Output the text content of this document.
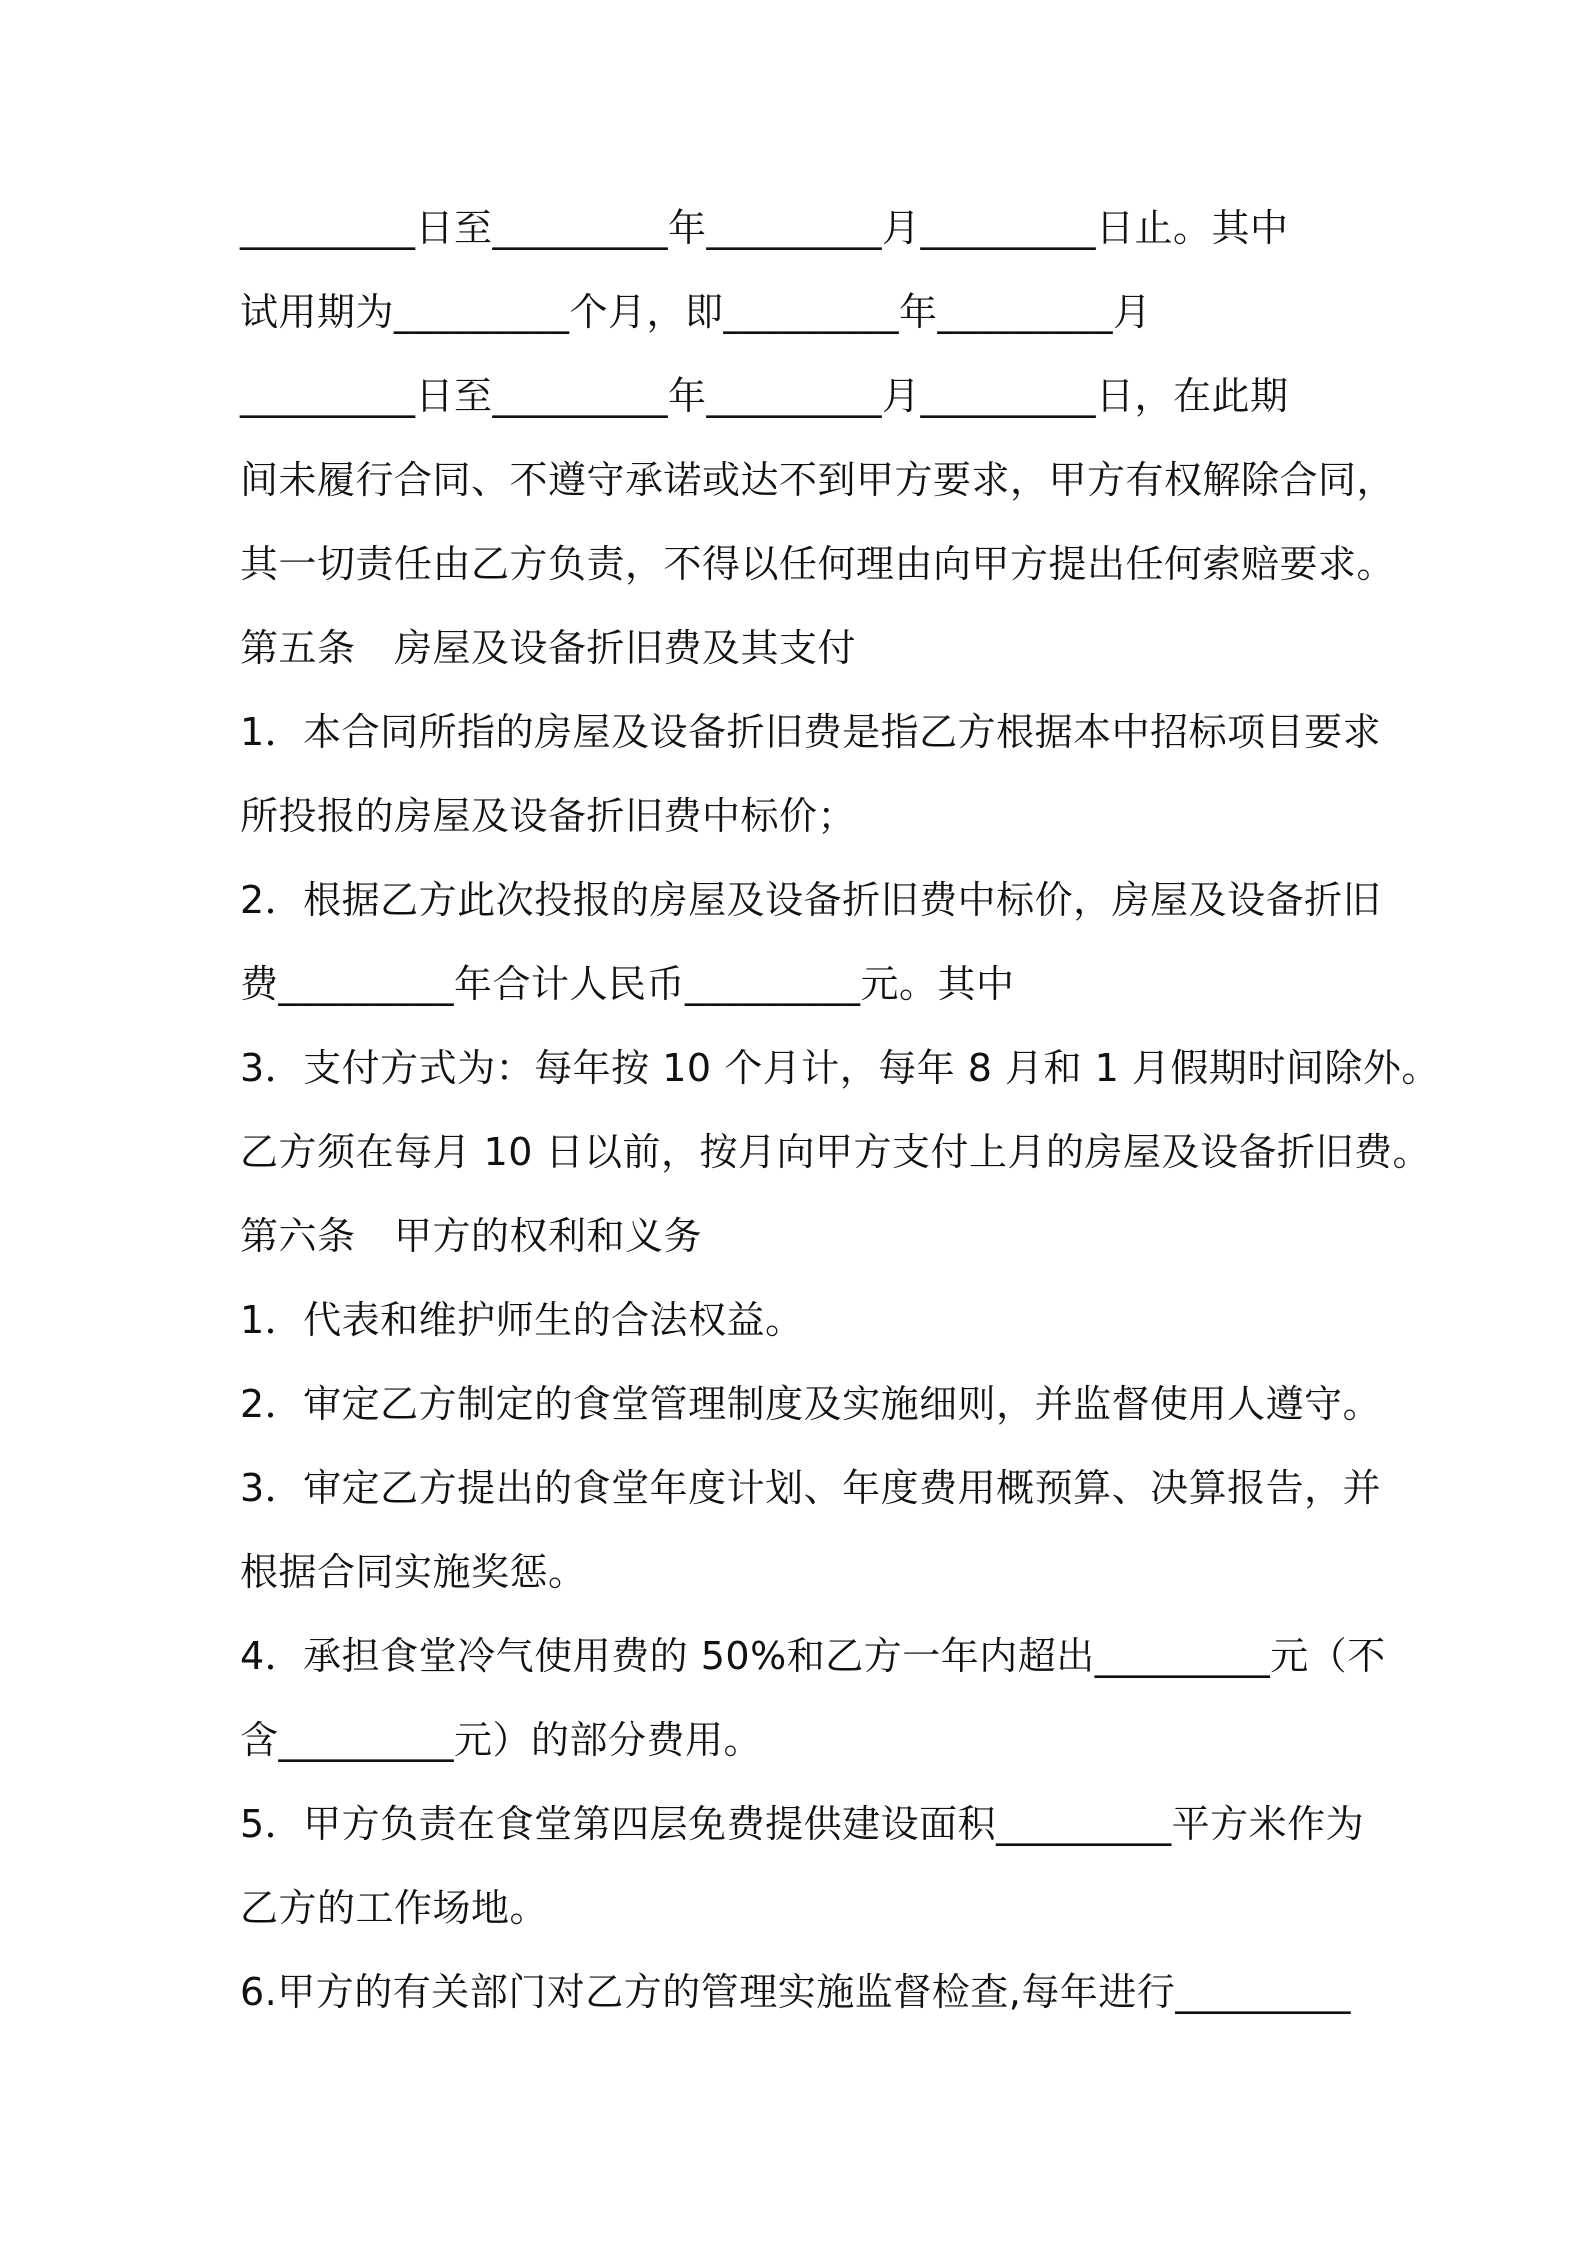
_________日至_________年_________月_________日止。其中
试用期为_________个月，即_________年_________月
_________日至_________年_________月_________日，在此期
间未履行合同、不遵守承诺或达不到甲方要求，甲方有权解除合同，
其一切责任由乙方负责，不得以任何理由向甲方提出任何索赔要求。
第五条　房屋及设备折旧费及其支付
1．本合同所指的房屋及设备折旧费是指乙方根据本中招标项目要求
所投报的房屋及设备折旧费中标价；
2．根据乙方此次投报的房屋及设备折旧费中标价，房屋及设备折旧
费_________年合计人民币_________元。其中
3．支付方式为：每年按 10 个月计，每年 8 月和 1 月假期时间除外。
乙方须在每月 10 日以前，按月向甲方支付上月的房屋及设备折旧费。
第六条　甲方的权利和义务
1．代表和维护师生的合法权益。
2．审定乙方制定的食堂管理制度及实施细则，并监督使用人遵守。
3．审定乙方提出的食堂年度计划、年度费用概预算、决算报告，并
根据合同实施奖惩。
4．承担食堂冷气使用费的 50%和乙方一年内超出_________元（不
含_________元）的部分费用。
5．甲方负责在食堂第四层免费提供建设面积_________平方米作为
乙方的工作场地。
6.甲方的有关部门对乙方的管理实施监督检查,每年进行_________
